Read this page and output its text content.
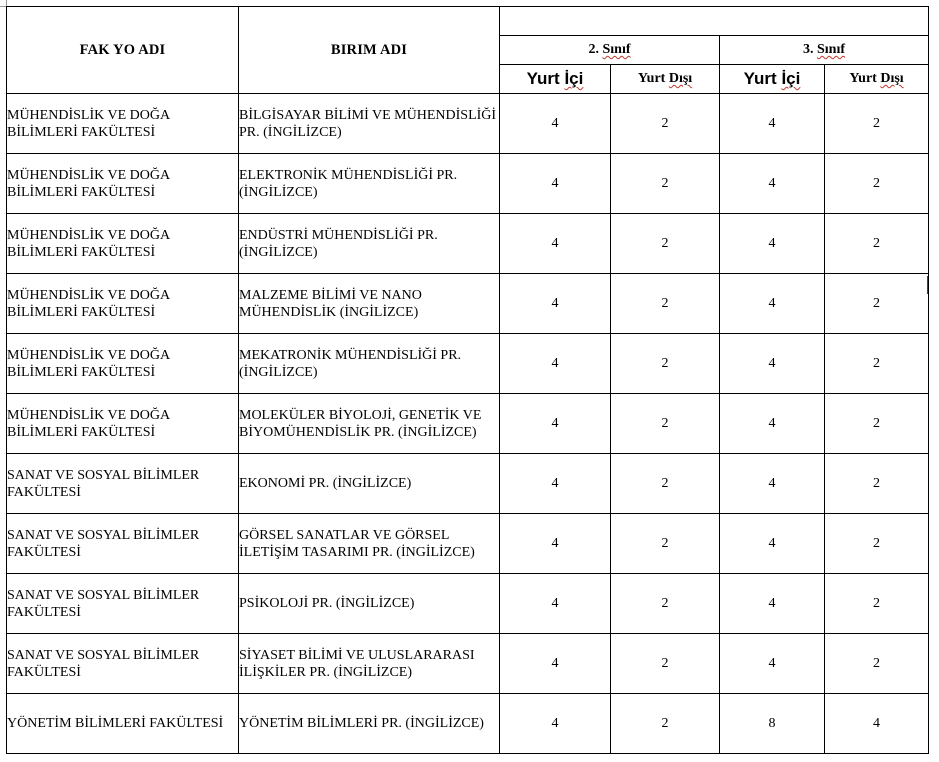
FAK YO ADI	BIRIM ADI				
		2. Sınıf		3. Sınıf	
		Yurt İçi	Yurt Dışı	Yurt İçi	Yurt Dışı
MÜHENDİSLİK VE DOĞA BİLİMLERİ FAKÜLTESİ	BİLGİSAYAR BİLİMİ VE MÜHENDİSLİĞİ PR. (İNGİLİZCE)	4	2	4	2
MÜHENDİSLİK VE DOĞA BİLİMLERİ FAKÜLTESİ	ELEKTRONİK MÜHENDİSLİĞİ PR. (İNGİLİZCE)	4	2	4	2
MÜHENDİSLİK VE DOĞA BİLİMLERİ FAKÜLTESİ	ENDÜSTRİ MÜHENDİSLİĞİ PR. (İNGİLİZCE)	4	2	4	2
MÜHENDİSLİK VE DOĞA BİLİMLERİ FAKÜLTESİ	MALZEME BİLİMİ VE NANO MÜHENDİSLİK (İNGİLİZCE)	4	2	4	2
MÜHENDİSLİK VE DOĞA BİLİMLERİ FAKÜLTESİ	MEKATRONİK MÜHENDİSLİĞİ PR. (İNGİLİZCE)	4	2	4	2
MÜHENDİSLİK VE DOĞA BİLİMLERİ FAKÜLTESİ	MOLEKÜLER BİYOLOJİ, GENETİK VE BİYOMÜHENDİSLİK PR. (İNGİLİZCE)	4	2	4	2
SANAT VE SOSYAL BİLİMLER FAKÜLTESİ	EKONOMİ PR. (İNGİLİZCE)	4	2	4	2
SANAT VE SOSYAL BİLİMLER FAKÜLTESİ	GÖRSEL SANATLAR VE GÖRSEL İLETİŞİM TASARIMI PR. (İNGİLİZCE)	4	2	4	2
SANAT VE SOSYAL BİLİMLER FAKÜLTESİ	PSİKOLOJİ PR. (İNGİLİZCE)	4	2	4	2
SANAT VE SOSYAL BİLİMLER FAKÜLTESİ	SİYASET BİLİMİ VE ULUSLARARASI İLİŞKİLER PR. (İNGİLİZCE)	4	2	4	2
YÖNETİM BİLİMLERİ FAKÜLTESİ	YÖNETİM BİLİMLERİ PR. (İNGİLİZCE)	4	2	8	4
